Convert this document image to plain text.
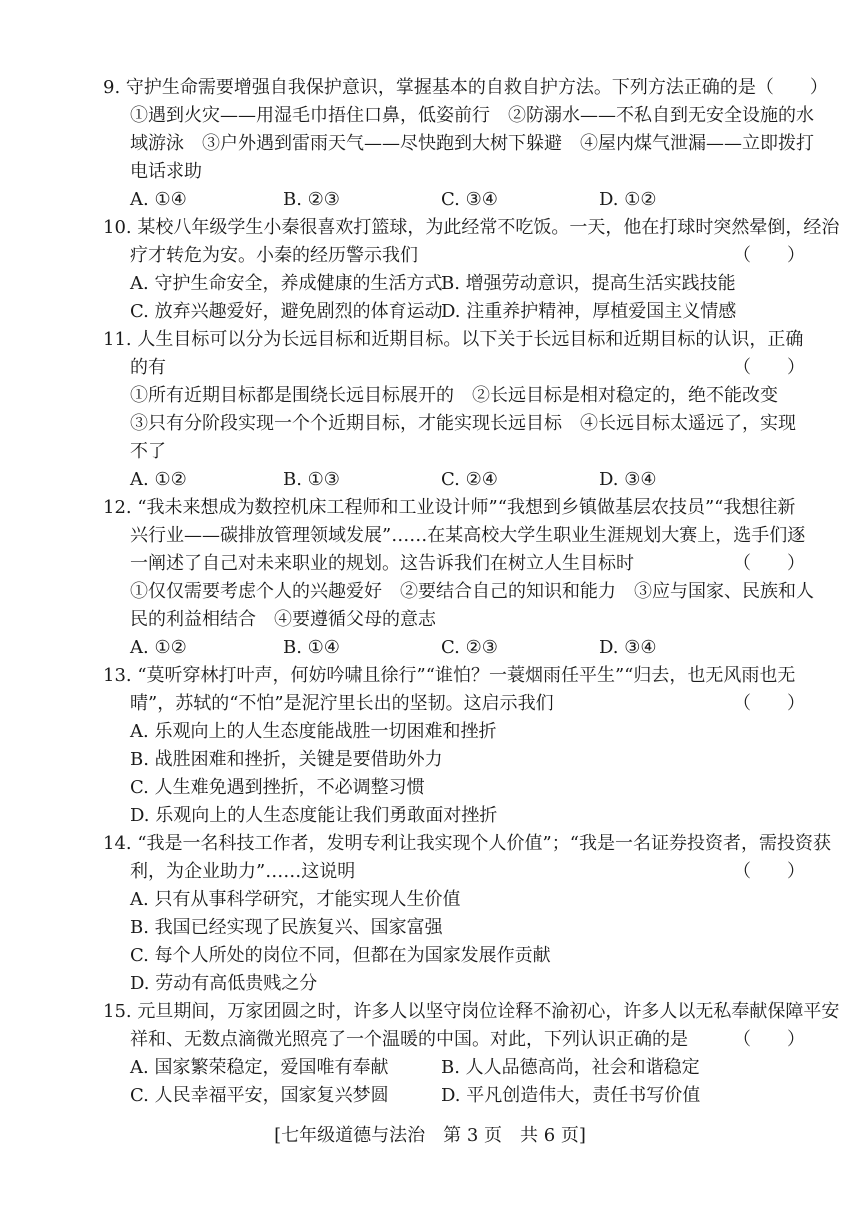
9. 守护生命需要增强自我保护意识，掌握基本的自救自护方法。下列方法正确的是（　　）
①遇到火灾——用湿毛巾捂住口鼻，低姿前行　②防溺水——不私自到无安全设施的水
域游泳　③户外遇到雷雨天气——尽快跑到大树下躲避　④屋内煤气泄漏——立即拨打
电话求助
A. ①④	B. ②③	C. ③④	D. ①②
10. 某校八年级学生小秦很喜欢打篮球，为此经常不吃饭。一天，他在打球时突然晕倒，经治
疗才转危为安。小秦的经历警示我们	（　　）
A. 守护生命安全，养成健康的生活方式
B. 增强劳动意识，提高生活实践技能
C. 放弃兴趣爱好，避免剧烈的体育运动
D. 注重养护精神，厚植爱国主义情感
11. 人生目标可以分为长远目标和近期目标。以下关于长远目标和近期目标的认识，正确
的有	（　　）
①所有近期目标都是围绕长远目标展开的　②长远目标是相对稳定的，绝不能改变
③只有分阶段实现一个个近期目标，才能实现长远目标　④长远目标太遥远了，实现
不了
A. ①②	B. ①③	C. ②④	D. ③④
12. “我未来想成为数控机床工程师和工业设计师”“我想到乡镇做基层农技员”“我想往新
兴行业——碳排放管理领域发展”……在某高校大学生职业生涯规划大赛上，选手们逐
一阐述了自己对未来职业的规划。这告诉我们在树立人生目标时	（　　）
①仅仅需要考虑个人的兴趣爱好　②要结合自己的知识和能力　③应与国家、民族和人
民的利益相结合　④要遵循父母的意志
A. ①②	B. ①④	C. ②③	D. ③④
13. “莫听穿林打叶声，何妨吟啸且徐行”“谁怕？一蓑烟雨任平生”“归去，也无风雨也无
晴”，苏轼的“不怕”是泥泞里长出的坚韧。这启示我们	（　　）
A. 乐观向上的人生态度能战胜一切困难和挫折
B. 战胜困难和挫折，关键是要借助外力
C. 人生难免遇到挫折，不必调整习惯
D. 乐观向上的人生态度能让我们勇敢面对挫折
14. “我是一名科技工作者，发明专利让我实现个人价值”；“我是一名证券投资者，需投资获
利，为企业助力”……这说明	（　　）
A. 只有从事科学研究，才能实现人生价值
B. 我国已经实现了民族复兴、国家富强
C. 每个人所处的岗位不同，但都在为国家发展作贡献
D. 劳动有高低贵贱之分
15. 元旦期间，万家团圆之时，许多人以坚守岗位诠释不渝初心，许多人以无私奉献保障平安
祥和、无数点滴微光照亮了一个温暖的中国。对此，下列认识正确的是	（　　）
A. 国家繁荣稳定，爱国唯有奉献	B. 人人品德高尚，社会和谐稳定
C. 人民幸福平安，国家复兴梦圆	D. 平凡创造伟大，责任书写价值
[七年级道德与法治　第 3 页　共 6 页]
